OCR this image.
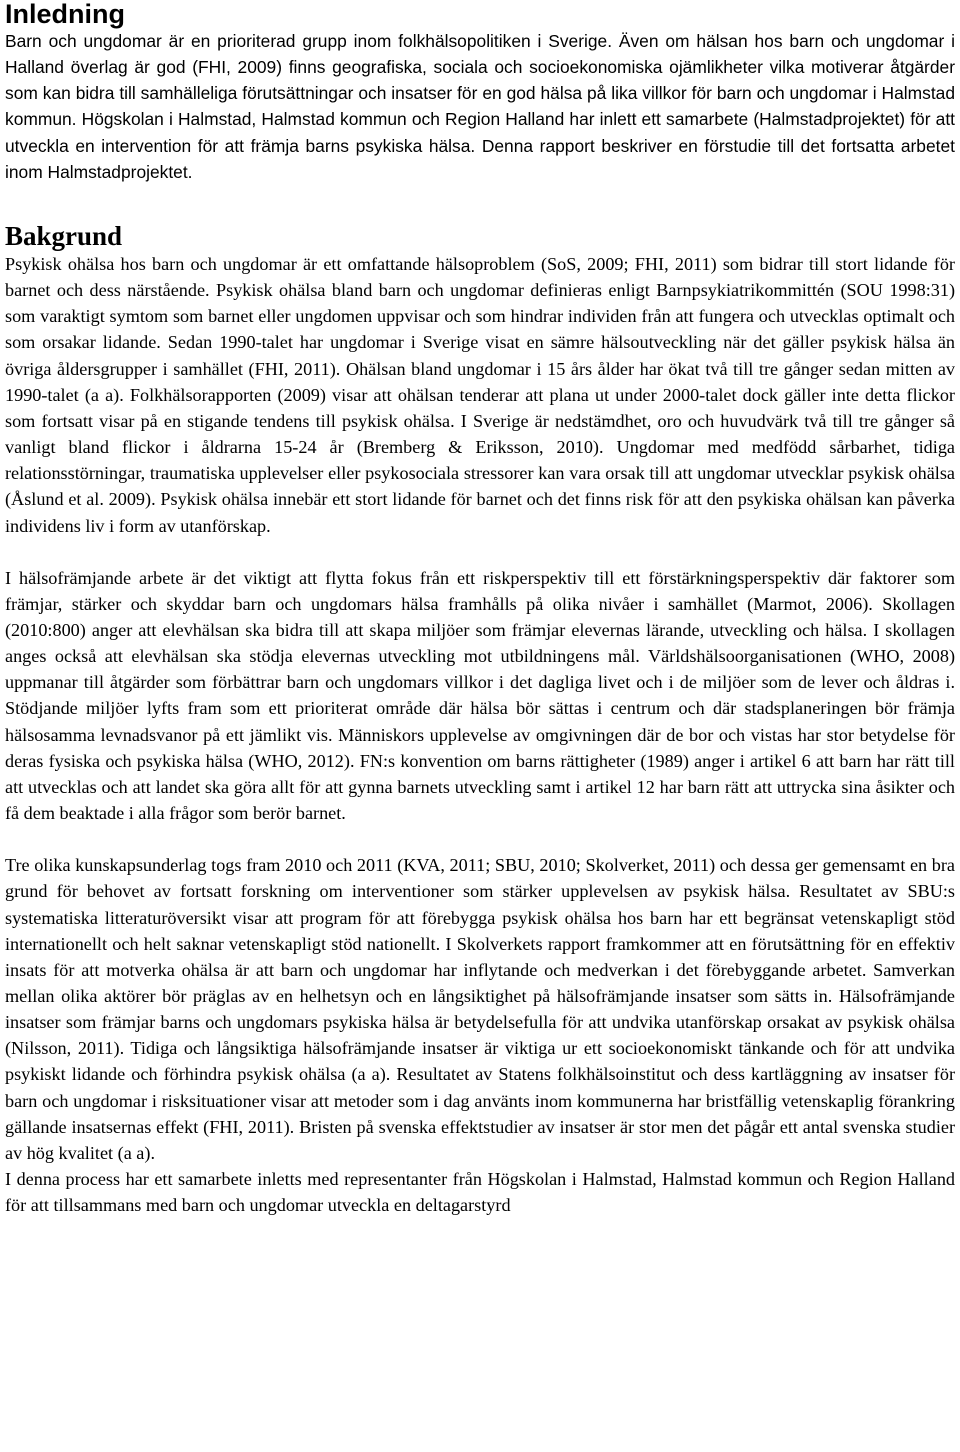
Inledning

Barn och ungdomar är en prioriterad grupp inom folkhälsopolitiken i Sverige. Även om hälsan hos barn och ungdomar i Halland överlag är god (FHI, 2009) finns geografiska, sociala och socioekonomiska ojämlikheter vilka motiverar åtgärder som kan bidra till samhälleliga förutsättningar och insatser för en god hälsa på lika villkor för barn och ungdomar i Halmstad kommun. Högskolan i Halmstad, Halmstad kommun och Region Halland har inlett ett samarbete (Halmstadprojektet) för att utveckla en intervention för att främja barns psykiska hälsa. Denna rapport beskriver en förstudie till det fortsatta arbetet inom Halmstadprojektet.

Bakgrund

Psykisk ohälsa hos barn och ungdomar är ett omfattande hälsoproblem (SoS, 2009; FHI, 2011) som bidrar till stort lidande för barnet och dess närstående. Psykisk ohälsa bland barn och ungdomar definieras enligt Barnpsykiatrikommittén (SOU 1998:31) som varaktigt symtom som barnet eller ungdomen uppvisar och som hindrar individen från att fungera och utvecklas optimalt och som orsakar lidande. Sedan 1990-talet har ungdomar i Sverige visat en sämre hälsoutveckling när det gäller psykisk hälsa än övriga åldersgrupper i samhället (FHI, 2011). Ohälsan bland ungdomar i 15 års ålder har ökat två till tre gånger sedan mitten av 1990-talet (a a). Folkhälsorapporten (2009) visar att ohälsan tenderar att plana ut under 2000-talet dock gäller inte detta flickor som fortsatt visar på en stigande tendens till psykisk ohälsa. I Sverige är nedstämdhet, oro och huvudvärk två till tre gånger så vanligt bland flickor i åldrarna 15-24 år (Bremberg & Eriksson, 2010). Ungdomar med medfödd sårbarhet, tidiga relationsstörningar, traumatiska upplevelser eller psykosociala stressorer kan vara orsak till att ungdomar utvecklar psykisk ohälsa (Åslund et al. 2009). Psykisk ohälsa innebär ett stort lidande för barnet och det finns risk för att den psykiska ohälsan kan påverka individens liv i form av utanförskap.

I hälsofrämjande arbete är det viktigt att flytta fokus från ett riskperspektiv till ett förstärkningsperspektiv där faktorer som främjar, stärker och skyddar barn och ungdomars hälsa framhålls på olika nivåer i samhället (Marmot, 2006). Skollagen (2010:800) anger att elevhälsan ska bidra till att skapa miljöer som främjar elevernas lärande, utveckling och hälsa. I skollagen anges också att elevhälsan ska stödja elevernas utveckling mot utbildningens mål. Världshälsoorganisationen (WHO, 2008) uppmanar till åtgärder som förbättrar barn och ungdomars villkor i det dagliga livet och i de miljöer som de lever och åldras i. Stödjande miljöer lyfts fram som ett prioriterat område där hälsa bör sättas i centrum och där stadsplaneringen bör främja hälsosamma levnadsvanor på ett jämlikt vis. Människors upplevelse av omgivningen där de bor och vistas har stor betydelse för deras fysiska och psykiska hälsa (WHO, 2012). FN:s konvention om barns rättigheter (1989) anger i artikel 6 att barn har rätt till att utvecklas och att landet ska göra allt för att gynna barnets utveckling samt i artikel 12 har barn rätt att uttrycka sina åsikter och få dem beaktade i alla frågor som berör barnet.

Tre olika kunskapsunderlag togs fram 2010 och 2011 (KVA, 2011; SBU, 2010; Skolverket, 2011) och dessa ger gemensamt en bra grund för behovet av fortsatt forskning om interventioner som stärker upplevelsen av psykisk hälsa. Resultatet av SBU:s systematiska litteraturöversikt visar att program för att förebygga psykisk ohälsa hos barn har ett begränsat vetenskapligt stöd internationellt och helt saknar vetenskapligt stöd nationellt. I Skolverkets rapport framkommer att en förutsättning för en effektiv insats för att motverka ohälsa är att barn och ungdomar har inflytande och medverkan i det förebyggande arbetet. Samverkan mellan olika aktörer bör präglas av en helhetsyn och en långsiktighet på hälsofrämjande insatser som sätts in. Hälsofrämjande insatser som främjar barns och ungdomars psykiska hälsa är betydelsefulla för att undvika utanförskap orsakat av psykisk ohälsa (Nilsson, 2011). Tidiga och långsiktiga hälsofrämjande insatser är viktiga ur ett socioekonomiskt tänkande och för att undvika psykiskt lidande och förhindra psykisk ohälsa (a a). Resultatet av Statens folkhälsoinstitut och dess kartläggning av insatser för barn och ungdomar i risksituationer visar att metoder som i dag använts inom kommunerna har bristfällig vetenskaplig förankring gällande insatsernas effekt (FHI, 2011). Bristen på svenska effektstudier av insatser är stor men det pågår ett antal svenska studier av hög kvalitet (a a).

I denna process har ett samarbete inletts med representanter från Högskolan i Halmstad, Halmstad kommun och Region Halland för att tillsammans med barn och ungdomar utveckla en deltagarstyrd
